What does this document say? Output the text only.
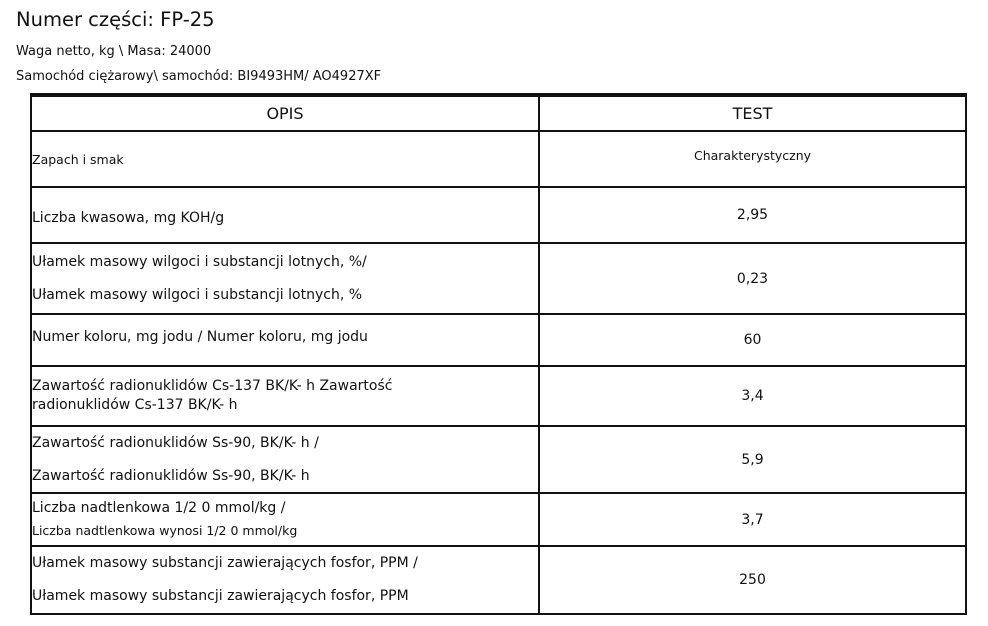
Numer części: FP-25
Waga netto, kg \ Masa: 24000
Samochód ciężarowy\ samochód: BI9493HM/ AO4927XF
OPIS	TEST

Zapach i smak	Charakterystyczny

Liczba kwasowa, mg KOH/g	2,95

Ułamek masowy wilgoci i substancji lotnych, %/
Ułamek masowy wilgoci i substancji lotnych, %	0,23

Numer koloru, mg jodu / Numer koloru, mg jodu	60

Zawartość radionuklidów Cs-137 BK/K- h Zawartość
radionuklidów Cs-137 BK/K- h	3,4

Zawartość radionuklidów Ss-90, BK/K- h /
Zawartość radionuklidów Ss-90, BK/K- h	5,9

Liczba nadtlenkowa 1/2 0 mmol/kg /
Liczba nadtlenkowa wynosi 1/2 0 mmol/kg	3,7

Ułamek masowy substancji zawierających fosfor, PPM /
Ułamek masowy substancji zawierających fosfor, PPM	250
